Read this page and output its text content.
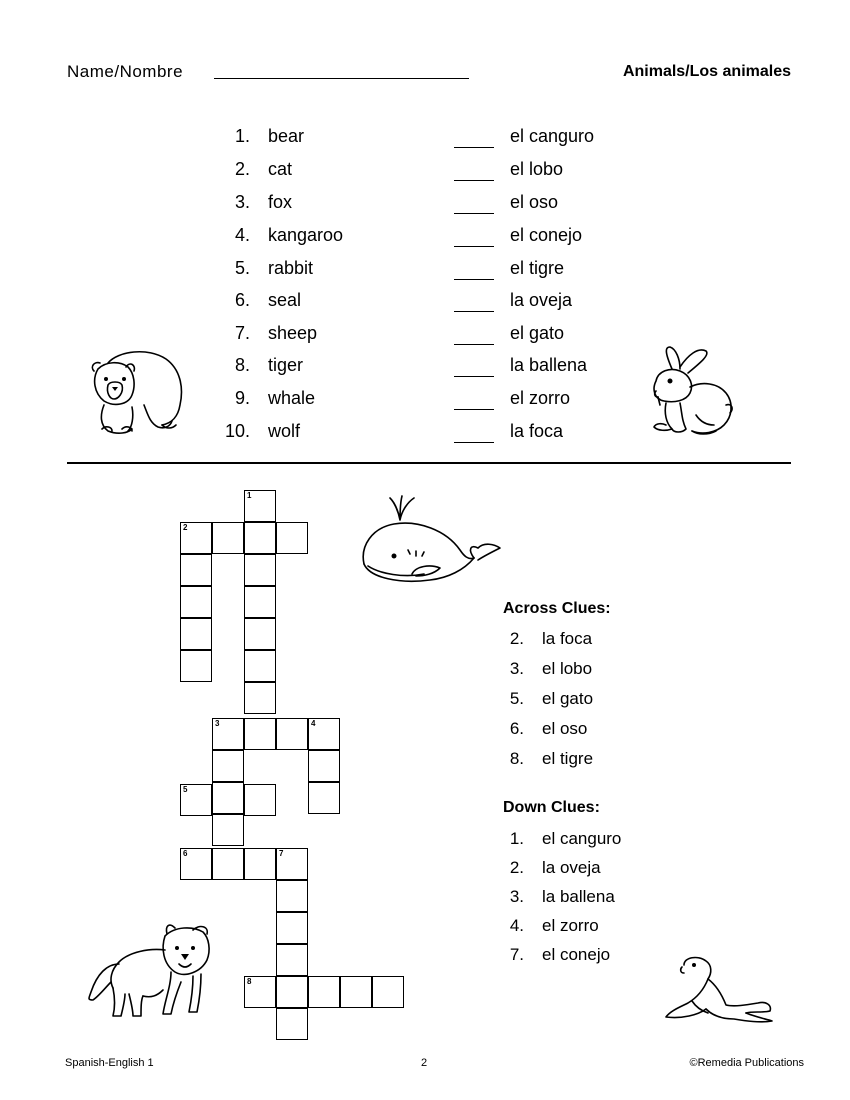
Name/Nombre	Animals/Los animales
1. bear	el canguro
2. cat	el lobo
3. fox	el oso
4. kangaroo	el conejo
5. rabbit	el tigre
6. seal	la oveja
7. sheep	el gato
8. tiger	la ballena
9. whale	el zorro
10. wolf	la foca
2
1
3	4
5
6	7
8
Across Clues:
2. la foca
3. el lobo
5. el gato
6. el oso
8. el tigre
Down Clues:
1. el canguro
2. la oveja
3. la ballena
4. el zorro
7. el conejo
Spanish-English 1	2	©Remedia Publications
